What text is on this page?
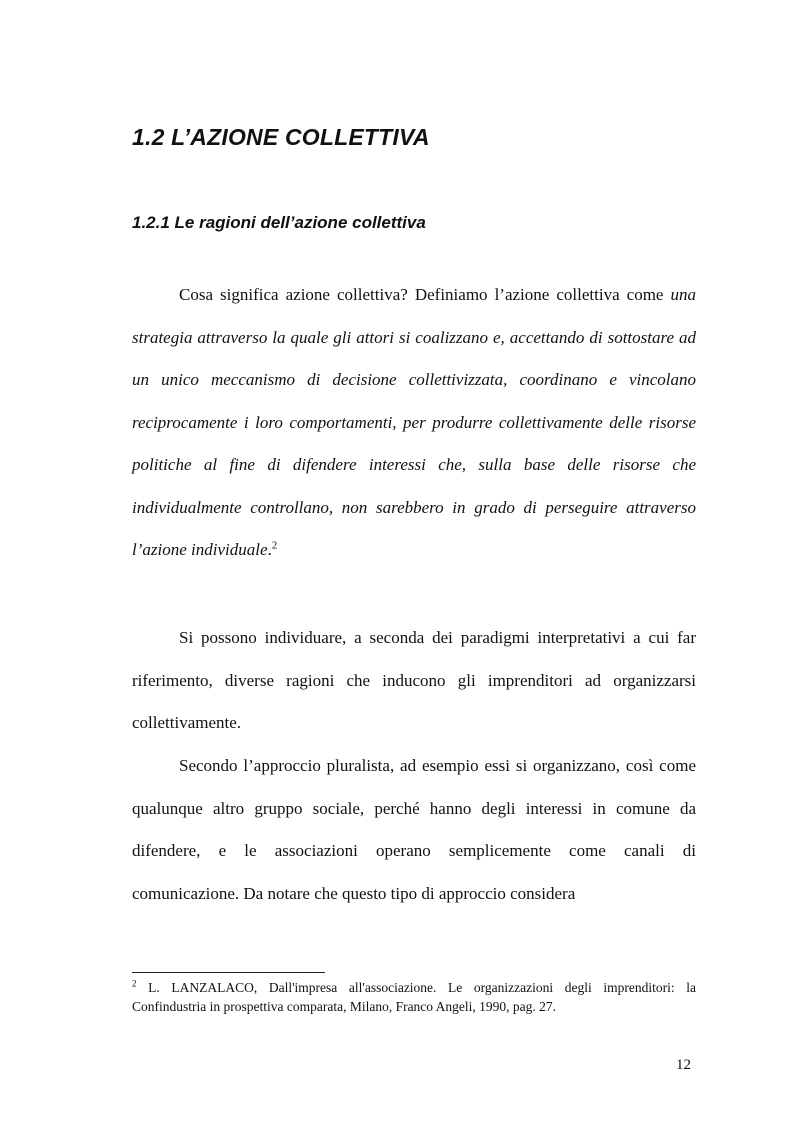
1.2 L’AZIONE COLLETTIVA
1.2.1 Le ragioni dell’azione collettiva

Cosa significa azione collettiva? Definiamo l’azione collettiva come una strategia attraverso la quale gli attori si coalizzano e, accettando di sottostare ad un unico meccanismo di decisione collettivizzata, coordinano e vincolano reciprocamente i loro comportamenti, per produrre collettivamente delle risorse politiche al fine di difendere interessi che, sulla base delle risorse che individualmente controllano, non sarebbero in grado di perseguire attraverso l’azione individuale.$^2$

Si possono individuare, a seconda dei paradigmi interpretativi a cui far riferimento, diverse ragioni che inducono gli imprenditori ad organizzarsi collettivamente.

Secondo l’approccio pluralista, ad esempio essi si organizzano, così come qualunque altro gruppo sociale, perché hanno degli interessi in comune da difendere, e le associazioni operano semplicemente come canali di comunicazione. Da notare che questo tipo di approccio considera

$^2$ L. LANZALACO, Dall'impresa all'associazione. Le organizzazioni degli imprenditori: la Confindustria in prospettiva comparata, Milano, Franco Angeli, 1990, pag. 27.

12
